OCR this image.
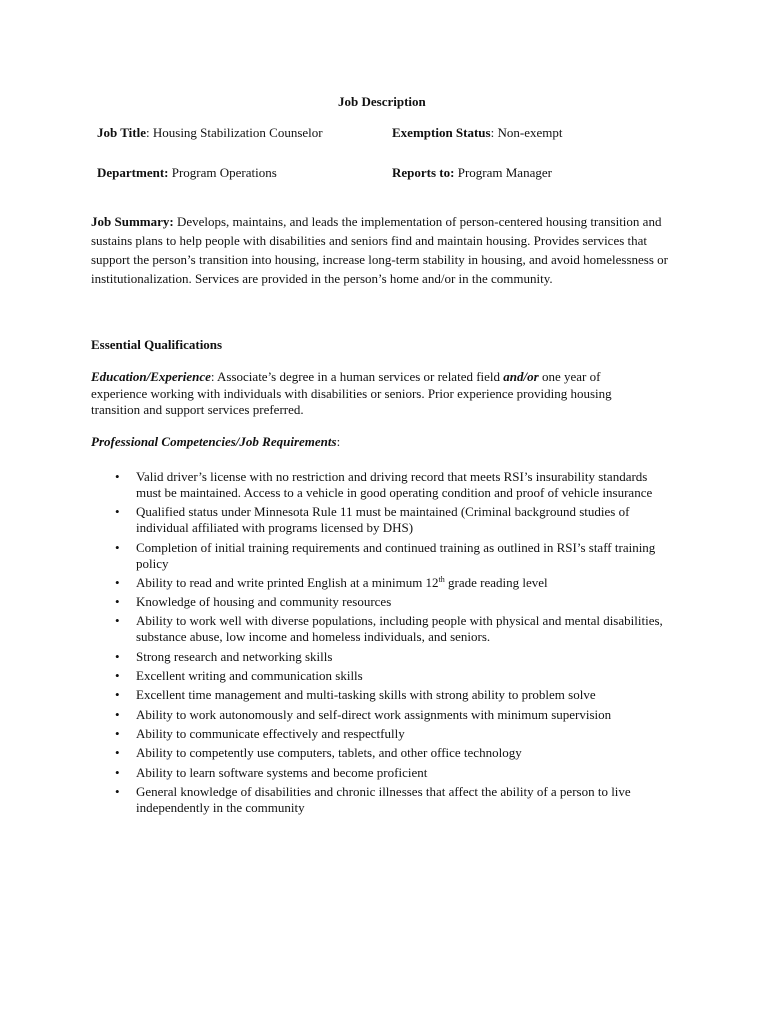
Job Description
Job Title: Housing Stabilization Counselor	Exemption Status: Non-exempt
Department: Program Operations	Reports to: Program Manager
Job Summary: Develops, maintains, and leads the implementation of person-centered housing transition and sustains plans to help people with disabilities and seniors find and maintain housing. Provides services that support the person’s transition into housing, increase long-term stability in housing, and avoid homelessness or institutionalization. Services are provided in the person’s home and/or in the community.
Essential Qualifications
Education/Experience: Associate’s degree in a human services or related field and/or one year of experience working with individuals with disabilities or seniors. Prior experience providing housing transition and support services preferred.
Professional Competencies/Job Requirements:
• Valid driver’s license with no restriction and driving record that meets RSI’s insurability standards must be maintained. Access to a vehicle in good operating condition and proof of vehicle insurance
• Qualified status under Minnesota Rule 11 must be maintained (Criminal background studies of individual affiliated with programs licensed by DHS)
• Completion of initial training requirements and continued training as outlined in RSI’s staff training policy
• Ability to read and write printed English at a minimum 12th grade reading level
• Knowledge of housing and community resources
• Ability to work well with diverse populations, including people with physical and mental disabilities, substance abuse, low income and homeless individuals, and seniors.
• Strong research and networking skills
• Excellent writing and communication skills
• Excellent time management and multi-tasking skills with strong ability to problem solve
• Ability to work autonomously and self-direct work assignments with minimum supervision
• Ability to communicate effectively and respectfully
• Ability to competently use computers, tablets, and other office technology
• Ability to learn software systems and become proficient
• General knowledge of disabilities and chronic illnesses that affect the ability of a person to live independently in the community
